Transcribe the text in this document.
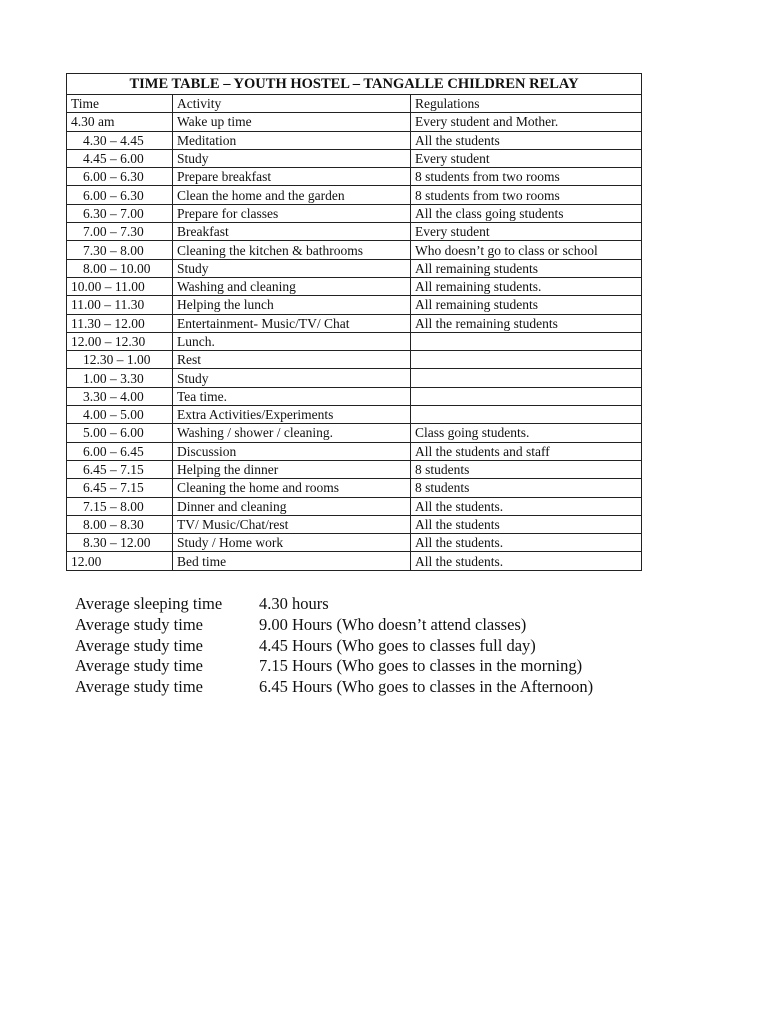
TIME TABLE – YOUTH HOSTEL – TANGALLE CHILDREN RELAY		
Time	Activity	Regulations
4.30 am	Wake up time	Every student and Mother.
4.30 – 4.45	Meditation	All the students
4.45 – 6.00	Study	Every student
6.00 – 6.30	Prepare breakfast	8 students from two rooms
6.00 – 6.30	Clean the home and the garden	8 students from two rooms
6.30 – 7.00	Prepare for classes	All the class going students
7.00 – 7.30	Breakfast	Every student
7.30 – 8.00	Cleaning the kitchen & bathrooms	Who doesn’t go to class or school
8.00 – 10.00	Study	All remaining students
10.00 – 11.00	Washing and cleaning	All remaining students.
11.00 – 11.30	Helping the lunch	All remaining students
11.30 – 12.00	Entertainment- Music/TV/ Chat	All the remaining students
12.00 – 12.30	Lunch.	
12.30 – 1.00	Rest	
1.00 – 3.30	Study	
3.30 – 4.00	Tea time.	
4.00 – 5.00	Extra Activities/Experiments	
5.00 – 6.00	Washing / shower / cleaning.	Class going students.
6.00 – 6.45	Discussion	All the students and staff
6.45 – 7.15	Helping the dinner	8 students
6.45 – 7.15	Cleaning the home and rooms	8 students
7.15 – 8.00	Dinner and cleaning	All the students.
8.00 – 8.30	TV/ Music/Chat/rest	All the students
8.30 – 12.00	Study / Home work	All the students.
12.00	Bed time	All the students.
Average sleeping time	4.30 hours
Average study time	9.00 Hours (Who doesn’t attend classes)
Average study time	4.45 Hours (Who goes to classes full day)
Average study time	7.15 Hours (Who goes to classes in the morning)
Average study time	6.45 Hours (Who goes to classes in the Afternoon)
